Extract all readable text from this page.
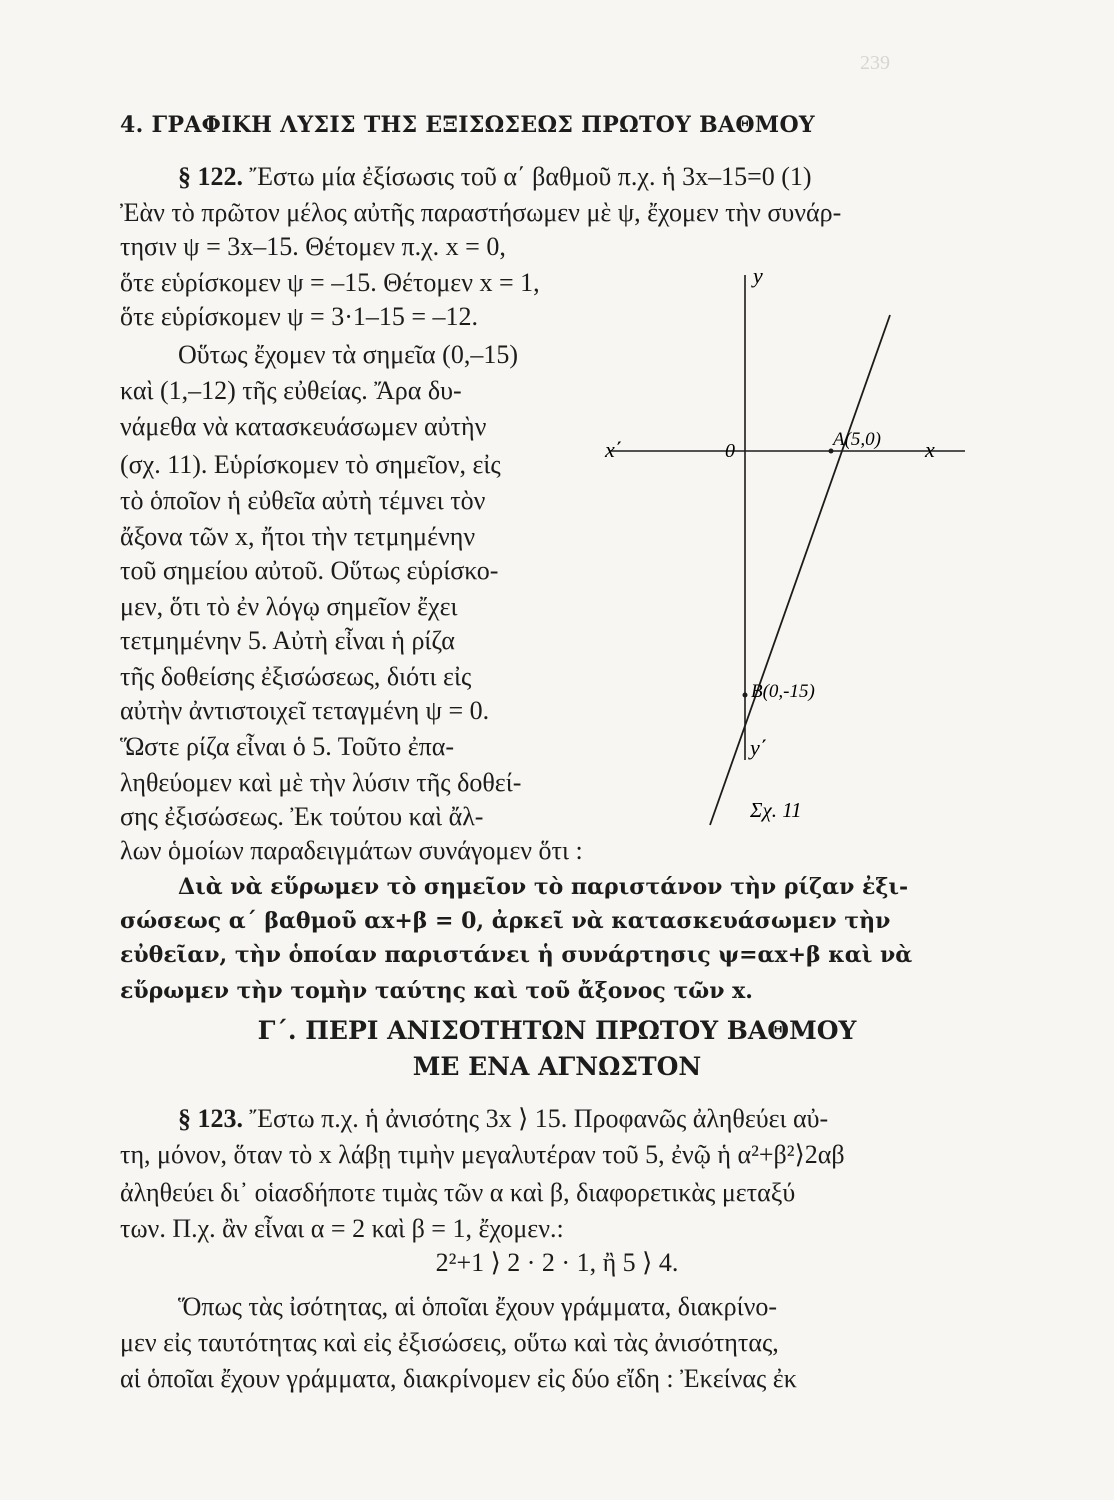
239
4. ΓΡΑΦΙΚΗ ΛΥΣΙΣ ΤΗΣ ΕΞΙΣΩΣΕΩΣ ΠΡΩΤΟΥ ΒΑΘΜΟΥ
§ 122. Ἔστω μία ἐξίσωσις τοῦ α΄ βαθμοῦ π.χ. ἡ 3x–15=0 (1)
Ἐὰν τὸ πρῶτον μέλος αὐτῆς παραστήσωμεν μὲ ψ, ἔχομεν τὴν συνάρ-
τησιν ψ = 3x–15. Θέτομεν π.χ. x = 0,
ὅτε εὑρίσκομεν ψ = –15. Θέτομεν x = 1,
ὅτε εὑρίσκομεν ψ = 3·1–15 = –12.
Οὕτως ἔχομεν τὰ σημεῖα (0,–15)
καὶ (1,–12) τῆς εὐθείας. Ἄρα δυ-
νάμεθα νὰ κατασκευάσωμεν αὐτὴν
(σχ. 11). Εὑρίσκομεν τὸ σημεῖον, εἰς
τὸ ὁποῖον ἡ εὐθεῖα αὐτὴ τέμνει τὸν
ἄξονα τῶν x, ἤτοι τὴν τετμημένην
τοῦ σημείου αὐτοῦ. Οὕτως εὑρίσκο-
μεν, ὅτι τὸ ἐν λόγῳ σημεῖον ἔχει
τετμημένην 5. Αὐτὴ εἶναι ἡ ρίζα
τῆς δοθείσης ἐξισώσεως, διότι εἰς
αὐτὴν ἀντιστοιχεῖ τεταγμένη ψ = 0.
Ὥστε ρίζα εἶναι ὁ 5. Τοῦτο ἐπα-
ληθεύομεν καὶ μὲ τὴν λύσιν τῆς δοθεί-
σης ἐξισώσεως. Ἐκ τούτου καὶ ἄλ-
λων ὁμοίων παραδειγμάτων συνάγομεν ὅτι :
y
y΄
x΄	x
0
A(5,0)
B(0,-15)
Σχ. 11
Διὰ νὰ εὕρωμεν τὸ σημεῖον τὸ παριστάνον τὴν ρίζαν ἐξι-
σώσεως α΄ βαθμοῦ αx+β = 0, ἀρκεῖ νὰ κατασκευάσωμεν τὴν
εὐθεῖαν, τὴν ὁποίαν παριστάνει ἡ συνάρτησις ψ=αx+β καὶ νὰ
εὕρωμεν τὴν τομὴν ταύτης καὶ τοῦ ἄξονος τῶν x.
Γ΄. ΠΕΡΙ ΑΝΙΣΟΤΗΤΩΝ ΠΡΩΤΟΥ ΒΑΘΜΟΥ
ΜΕ ΕΝΑ ΑΓΝΩΣΤΟΝ
§ 123. Ἔστω π.χ. ἡ ἀνισότης 3x ⟩ 15. Προφανῶς ἀληθεύει αὐ-
τη, μόνον, ὅταν τὸ x λάβῃ τιμὴν μεγαλυτέραν τοῦ 5, ἐνῷ ἡ α²+β²⟩2αβ
ἀληθεύει δι᾽ οἱασδήποτε τιμὰς τῶν α καὶ β, διαφορετικὰς μεταξύ
των. Π.χ. ἂν εἶναι α = 2 καὶ β = 1, ἔχομεν.:
2²+1 ⟩ 2 · 2 · 1, ἢ 5 ⟩ 4.
Ὅπως τὰς ἰσότητας, αἱ ὁποῖαι ἔχουν γράμματα, διακρίνο-
μεν εἰς ταυτότητας καὶ εἰς ἐξισώσεις, οὕτω καὶ τὰς ἀνισότητας,
αἱ ὁποῖαι ἔχουν γράμματα, διακρίνομεν εἰς δύο εἴδη : Ἐκείνας ἐκ
